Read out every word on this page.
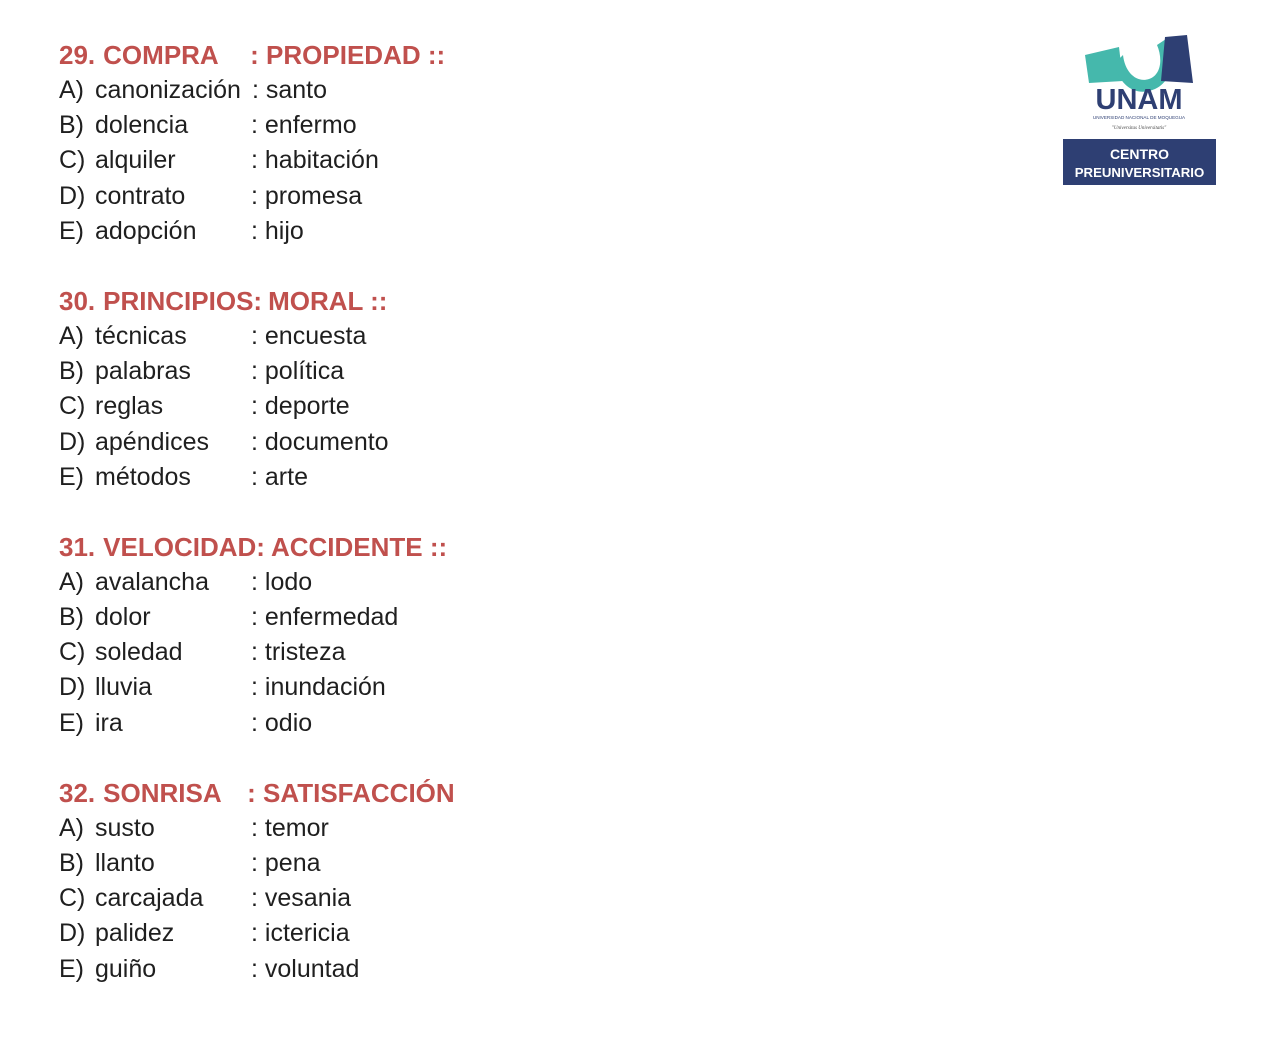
UNAM
UNIVERSIDAD NACIONAL DE MOQUEGUA
"Universitas Universitatis"
CENTRO
PREUNIVERSITARIO
29. COMPRA : PROPIEDAD ::
A) canonización : santo
B) dolencia	: enfermo
C) alquiler	: habitación
D) contrato	: promesa
E) adopción : hijo
30. PRINCIPIOS: MORAL ::
A) técnicas	: encuesta
B) palabras : política
C) reglas	: deporte
D) apéndices : documento
E) métodos : arte
31. VELOCIDAD: ACCIDENTE ::
A) avalancha : lodo
B) dolor	: enfermedad
C) soledad	: tristeza
D) lluvia	: inundación
E) ira	: odio
32. SONRISA : SATISFACCIÓN
A) susto	: temor
B) llanto	: pena
C) carcajada : vesania
D) palidez	: ictericia
E) guiño	: voluntad
